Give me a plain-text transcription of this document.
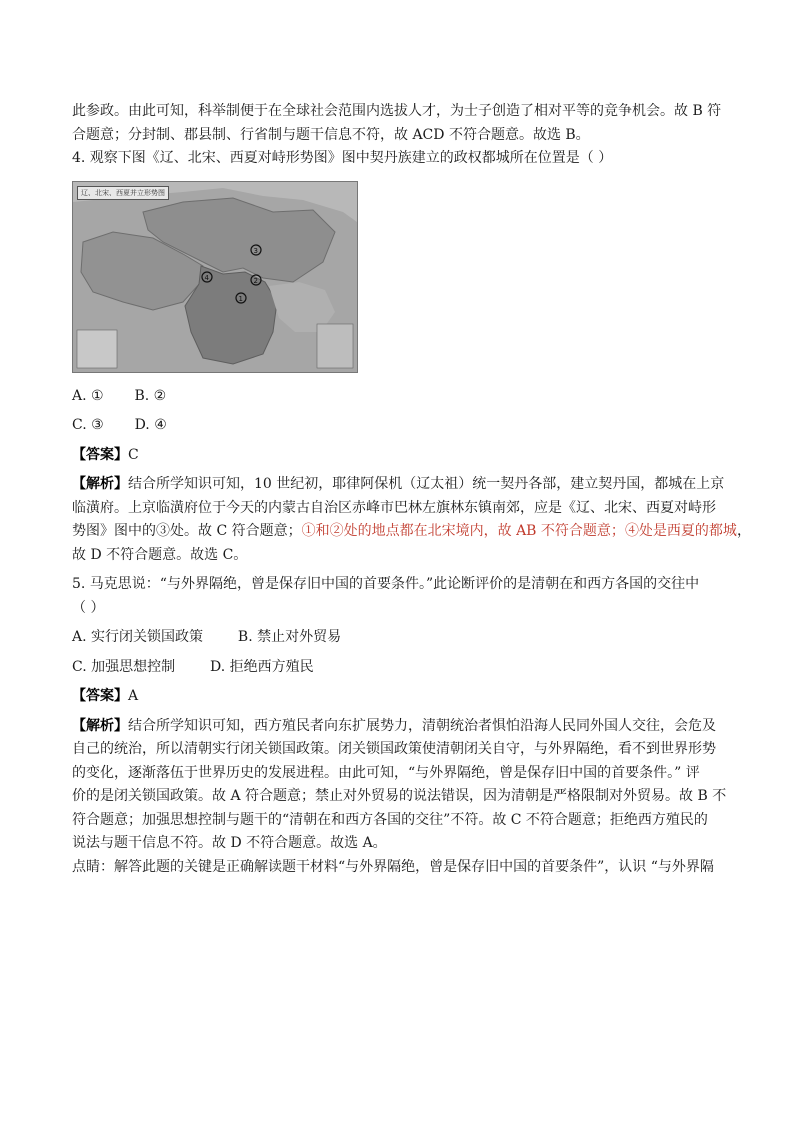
此参政。由此可知，科举制便于在全球社会范围内选拔人才，为士子创造了相对平等的竞争机会。故 B 符
合题意；分封制、郡县制、行省制与题干信息不符，故 ACD 不符合题意。故选 B。

4. 观察下图《辽、北宋、西夏对峙形势图》图中契丹族建立的政权都城所在位置是（ ）

3
4	2
1
辽、北宋、西夏并立形势图

A. ① B. ②

C. ③ D. ④

【答案】C

【解析】结合所学知识可知，10 世纪初，耶律阿保机（辽太祖）统一契丹各部，建立契丹国，都城在上京
临潢府。上京临潢府位于今天的内蒙古自治区赤峰市巴林左旗林东镇南郊，应是《辽、北宋、西夏对峙形
势图》图中的③处。故 C 符合题意；①和②处的地点都在北宋境内，故 AB 不符合题意；④处是西夏的都城，
故 D 不符合题意。故选 C。

5. 马克思说：“与外界隔绝，曾是保存旧中国的首要条件。”此论断评价的是清朝在和西方各国的交往中
（ ）

A. 实行闭关锁国政策 B. 禁止对外贸易

C. 加强思想控制 D. 拒绝西方殖民

【答案】A

【解析】结合所学知识可知，西方殖民者向东扩展势力，清朝统治者惧怕沿海人民同外国人交往，会危及
自己的统治，所以清朝实行闭关锁国政策。闭关锁国政策使清朝闭关自守，与外界隔绝，看不到世界形势
的变化，逐渐落伍于世界历史的发展进程。由此可知，“与外界隔绝，曾是保存旧中国的首要条件。” 评
价的是闭关锁国政策。故 A 符合题意；禁止对外贸易的说法错误，因为清朝是严格限制对外贸易。故 B 不
符合题意；加强思想控制与题干的“清朝在和西方各国的交往”不符。故 C 不符合题意；拒绝西方殖民的
说法与题干信息不符。故 D 不符合题意。故选 A。

点睛：解答此题的关键是正确解读题干材料“与外界隔绝，曾是保存旧中国的首要条件”，认识 “与外界隔
